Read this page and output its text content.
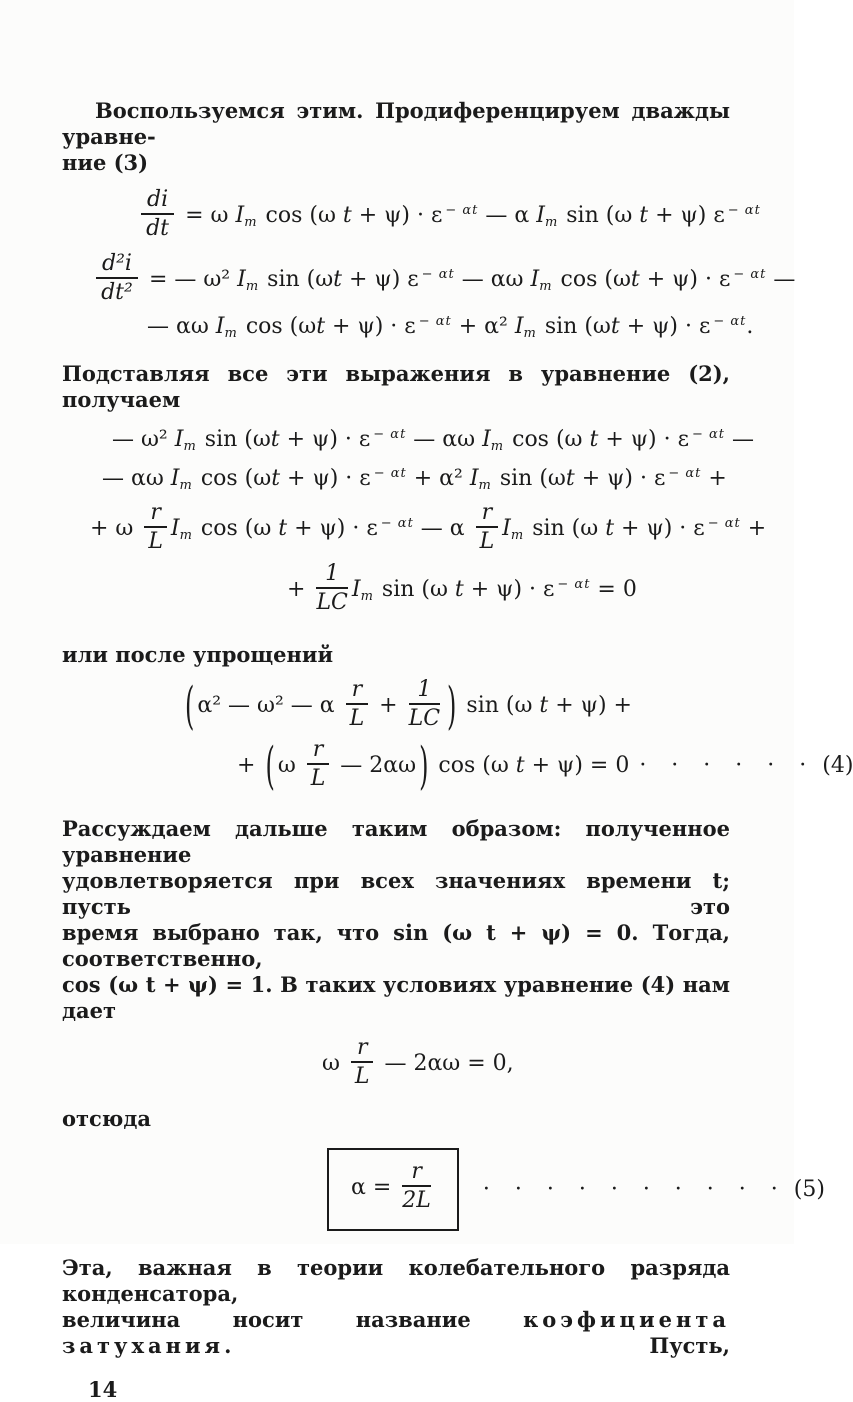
Воспользуемся этим. Продиференцируем дважды уравне-
ние (3)
$\frac{di}{dt} = \omega$ $I_m$ cos (ω t + ψ) · ε $^{- \alpha t}$ — α $I_m$ sin (ω t + ψ) ε $^{- \alpha t}$
$\frac{\text{d²i}}{\text{dt²}}$ = — ω² $I_m$ sin (ωt + ψ) ε $^{- \alpha t}$ — αω $I_m$ cos (ωt + ψ) · ε $^{- \alpha t}$ —
— αω $I_m$ cos (ωt + ψ) · ε $^{- \alpha t}$ + α² $I_m$ sin (ωt + ψ) · ε $^{- \alpha t}$.
Подставляя все эти выражения в уравнение (2), получаем
— ω² $I_m$ sin (ωt + ψ) · ε $^{- \alpha t}$ — αω $I_m$ cos (ω t + ψ) · ε $^{- \alpha t}$ —
— αω $I_m$ cos (ωt + ψ) · ε $^{- \alpha t}$ + α² $I_m$ sin (ωt + ψ) · ε $^{- \alpha t}$ +
+ ω $\frac{r}{L} I_m$ cos (ω t + ψ) · ε $^{- \alpha t}$ — α $\frac{r}{L} I_m$ sin (ω t + ψ) · ε $^{- \alpha t}$ +
+ $\frac{1}{LC} I_m$ sin (ω t + ψ) · ε $^{- \alpha t}$ = 0
или после упрощений
( α² — ω² — α $\frac{r}{L} + \frac{1}{LC}$ ) sin (ω t + ψ) +
+ ( ω $\frac{r}{L}$ — 2αω ) cos (ω t + ψ) = 0 · · · · · · (4)
Рассуждаем дальше таким образом: полученное уравнение
удовлетворяется при всех значениях времени t; пусть это
время выбрано так, что sin (ω t + ψ) = 0. Тогда, соответственно,
cos (ω t + ψ) = 1. В таких условиях уравнение (4) нам дает
ω $\frac{r}{L}$ — 2αω = 0,
отсюда
$\alpha = \frac{r}{2L}$	· · · · · · · · · · (5)
Эта, важная в теории колебательного разряда конденсатора,
величина носит название коэфициента затухания. Пусть,
14
